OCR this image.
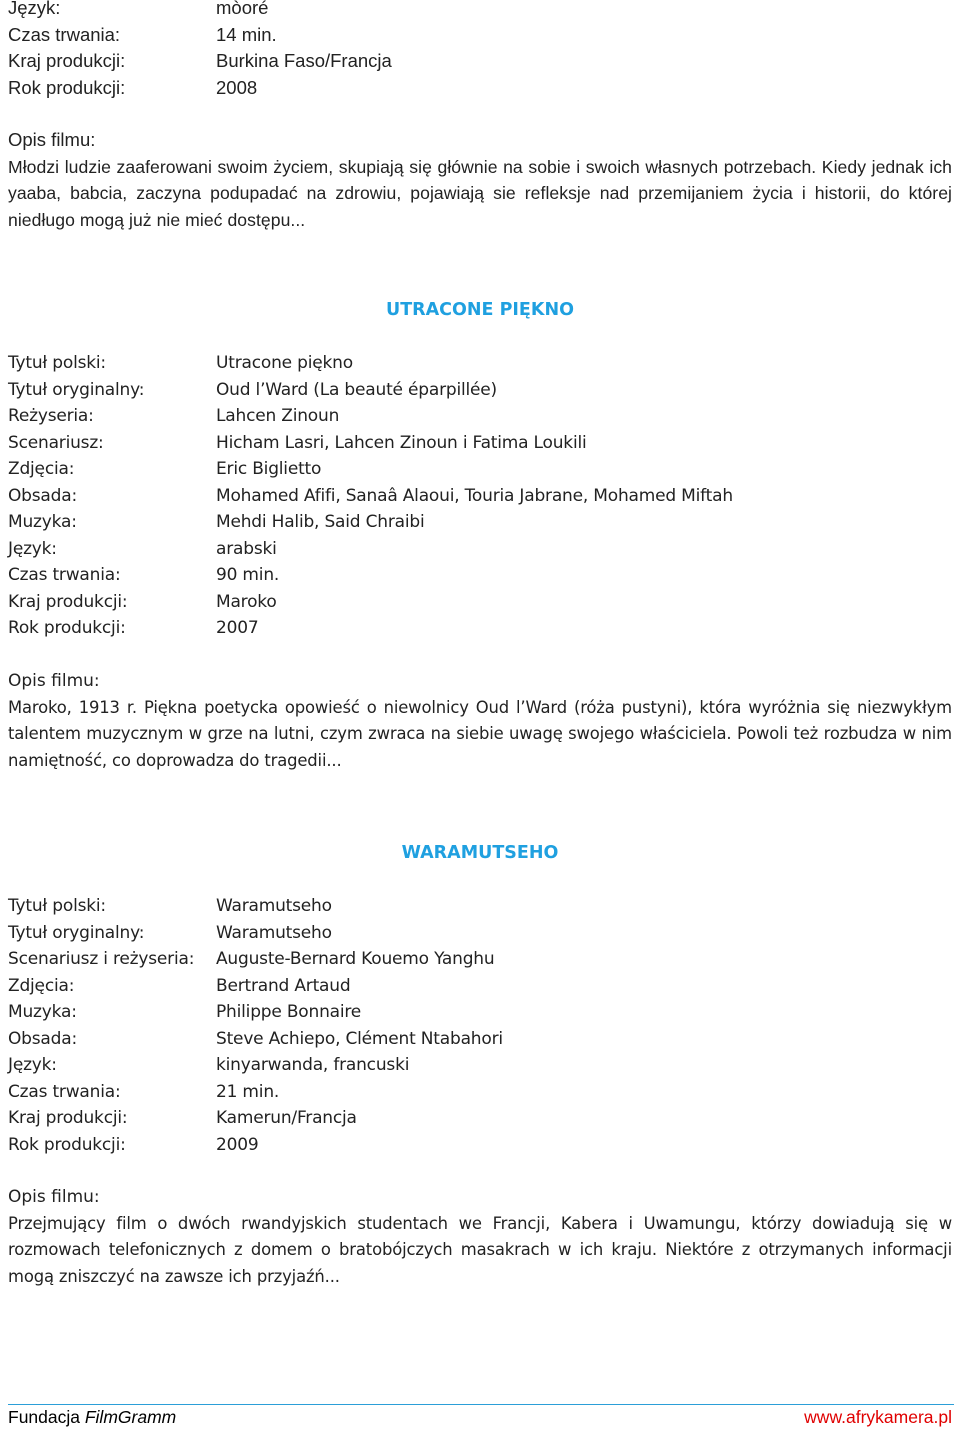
Język:	mòoré
Czas trwania:	14 min.
Kraj produkcji:	Burkina Faso/Francja
Rok produkcji:	2008
Opis filmu:
Młodzi ludzie zaaferowani swoim życiem, skupiają się głównie na sobie i swoich własnych potrzebach. Kiedy jednak ich yaaba, babcia, zaczyna podupadać na zdrowiu, pojawiają sie refleksje nad przemijaniem życia i historii, do której niedługo mogą już nie mieć dostępu...
UTRACONE PIĘKNO
Tytuł polski:	Utracone piękno
Tytuł oryginalny:	Oud l’Ward (La beauté éparpillée)
Reżyseria:	Lahcen Zinoun
Scenariusz:	Hicham Lasri, Lahcen Zinoun i Fatima Loukili
Zdjęcia:	Eric Biglietto
Obsada:	Mohamed Afifi, Sanaâ Alaoui, Touria Jabrane, Mohamed Miftah
Muzyka:	Mehdi Halib, Said Chraibi
Język:	arabski
Czas trwania:	90 min.
Kraj produkcji:	Maroko
Rok produkcji:	2007
Opis filmu:
Maroko, 1913 r. Piękna poetycka opowieść o niewolnicy Oud l’Ward (róża pustyni), która wyróżnia się niezwykłym talentem muzycznym w grze na lutni, czym zwraca na siebie uwagę swojego właściciela. Powoli też rozbudza w nim namiętność, co doprowadza do tragedii...
WARAMUTSEHO
Tytuł polski:	Waramutseho
Tytuł oryginalny:	Waramutseho
Scenariusz i reżyseria:	Auguste-Bernard Kouemo Yanghu
Zdjęcia:	Bertrand Artaud
Muzyka:	Philippe Bonnaire
Obsada:	Steve Achiepo, Clément Ntabahori
Język:	kinyarwanda, francuski
Czas trwania:	21 min.
Kraj produkcji:	Kamerun/Francja
Rok produkcji:	2009
Opis filmu:
Przejmujący film o dwóch rwandyjskich studentach we Francji, Kabera i Uwamungu, którzy dowiadują się w rozmowach telefonicznych z domem o bratobójczych masakrach w ich kraju. Niektóre z otrzymanych informacji mogą zniszczyć na zawsze ich przyjaźń...
Fundacja FilmGramm	www.afrykamera.pl
